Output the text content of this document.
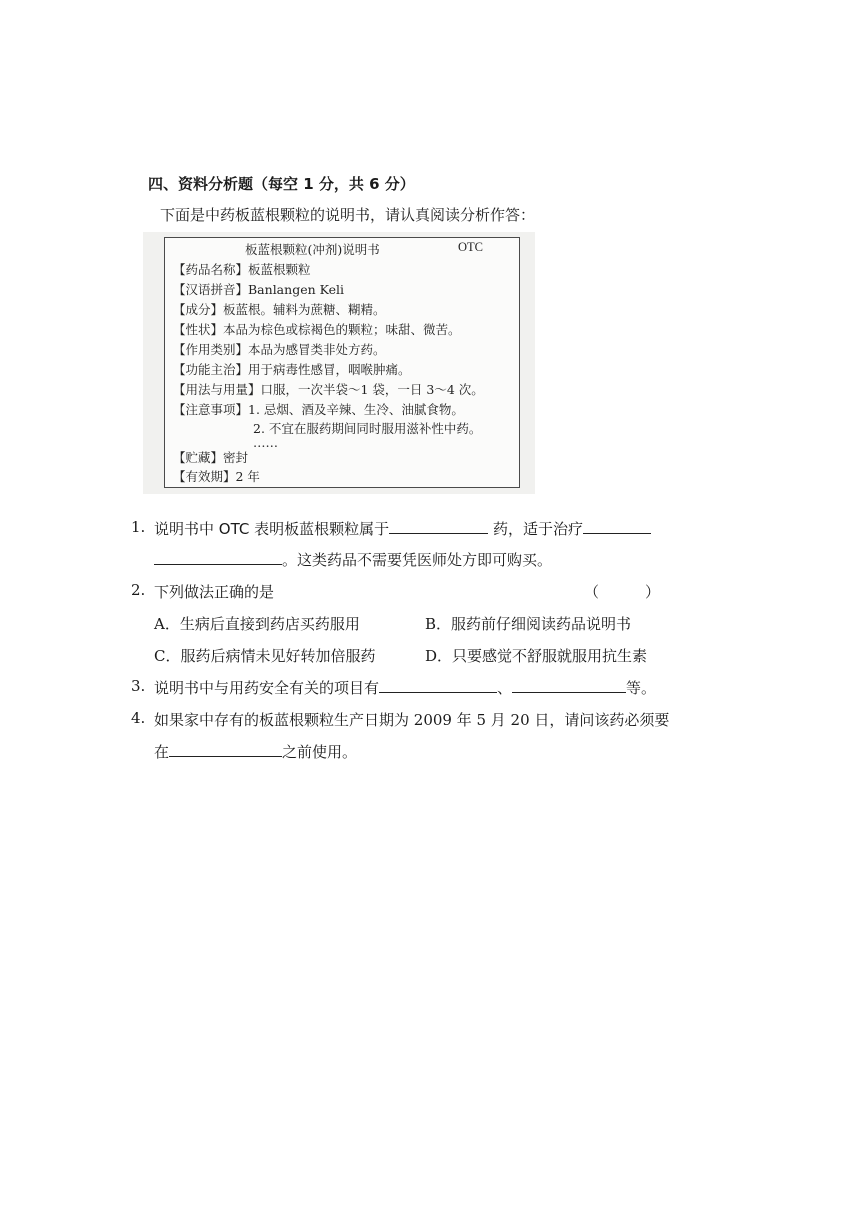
四、资料分析题（每空 1 分，共 6 分）
下面是中药板蓝根颗粒的说明书，请认真阅读分析作答：
板蓝根颗粒(冲剂)说明书	OTC
【药品名称】板蓝根颗粒
【汉语拼音】Banlangen Keli
【成分】板蓝根。辅料为蔗糖、糊精。
【性状】本品为棕色或棕褐色的颗粒；味甜、微苦。
【作用类别】本品为感冒类非处方药。
【功能主治】用于病毒性感冒，咽喉肿痛。
【用法与用量】口服，一次半袋～1 袋，一日 3～4 次。
【注意事项】1. 忌烟、酒及辛辣、生冷、油腻食物。
2. 不宜在服药期间同时服用滋补性中药。
……
【贮藏】密封
【有效期】2 年
1. 说明书中 OTC 表明板蓝根颗粒属于	药，适于治疗
。这类药品不需要凭医师处方即可购买。
2. 下列做法正确的是	（	）
A．生病后直接到药店买药服用	B．服药前仔细阅读药品说明书
C．服药后病情未见好转加倍服药	D．只要感觉不舒服就服用抗生素
3. 说明书中与用药安全有关的项目有	、	等。
4. 如果家中存有的板蓝根颗粒生产日期为 2009 年 5 月 20 日，请问该药必须要
在	之前使用。
